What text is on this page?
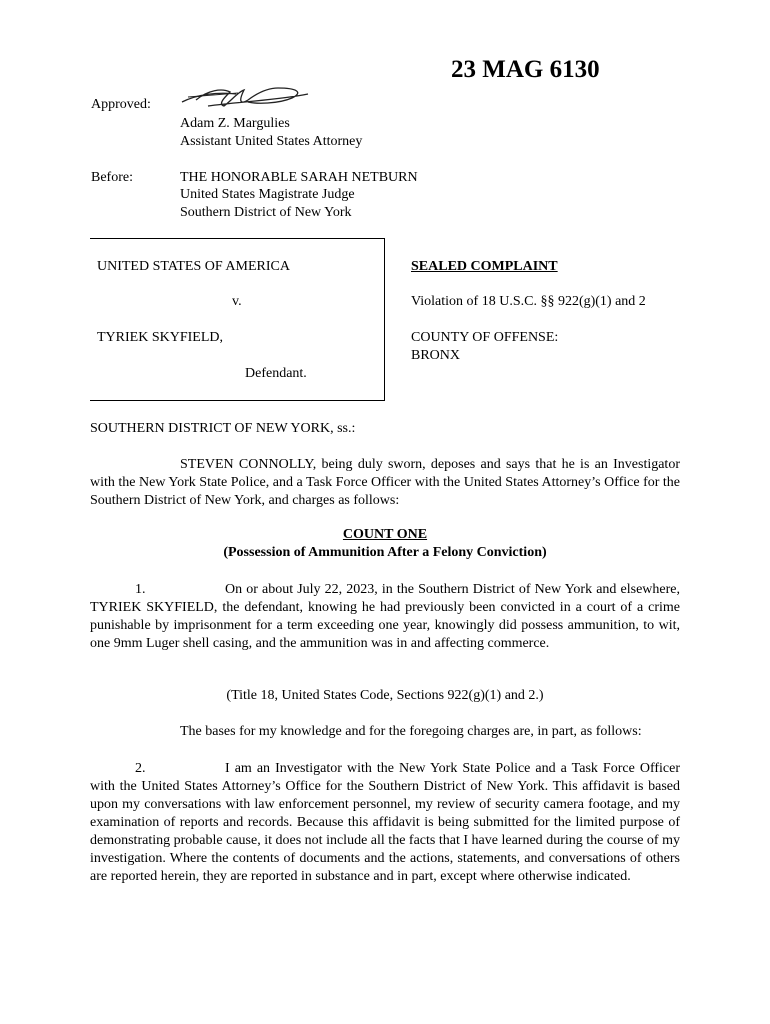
23 MAG 6130
Approved:
Adam Z. Margulies
Assistant United States Attorney
Before:	THE HONORABLE SARAH NETBURN
United States Magistrate Judge
Southern District of New York
UNITED STATES OF AMERICA
v.
TYRIEK SKYFIELD,
Defendant.
SEALED COMPLAINT
Violation of 18 U.S.C. §§ 922(g)(1) and 2
COUNTY OF OFFENSE:
BRONX
SOUTHERN DISTRICT OF NEW YORK, ss.:
STEVEN CONNOLLY, being duly sworn, deposes and says that he is an Investigator with the New York State Police, and a Task Force Officer with the United States Attorney’s Office for the Southern District of New York, and charges as follows:
COUNT ONE
(Possession of Ammunition After a Felony Conviction)
1.	On or about July 22, 2023, in the Southern District of New York and elsewhere, TYRIEK SKYFIELD, the defendant, knowing he had previously been convicted in a court of a crime punishable by imprisonment for a term exceeding one year, knowingly did possess ammunition, to wit, one 9mm Luger shell casing, and the ammunition was in and affecting commerce.
(Title 18, United States Code, Sections 922(g)(1) and 2.)
The bases for my knowledge and for the foregoing charges are, in part, as follows:
2.	I am an Investigator with the New York State Police and a Task Force Officer with the United States Attorney’s Office for the Southern District of New York. This affidavit is based upon my conversations with law enforcement personnel, my review of security camera footage, and my examination of reports and records. Because this affidavit is being submitted for the limited purpose of demonstrating probable cause, it does not include all the facts that I have learned during the course of my investigation. Where the contents of documents and the actions, statements, and conversations of others are reported herein, they are reported in substance and in part, except where otherwise indicated.
